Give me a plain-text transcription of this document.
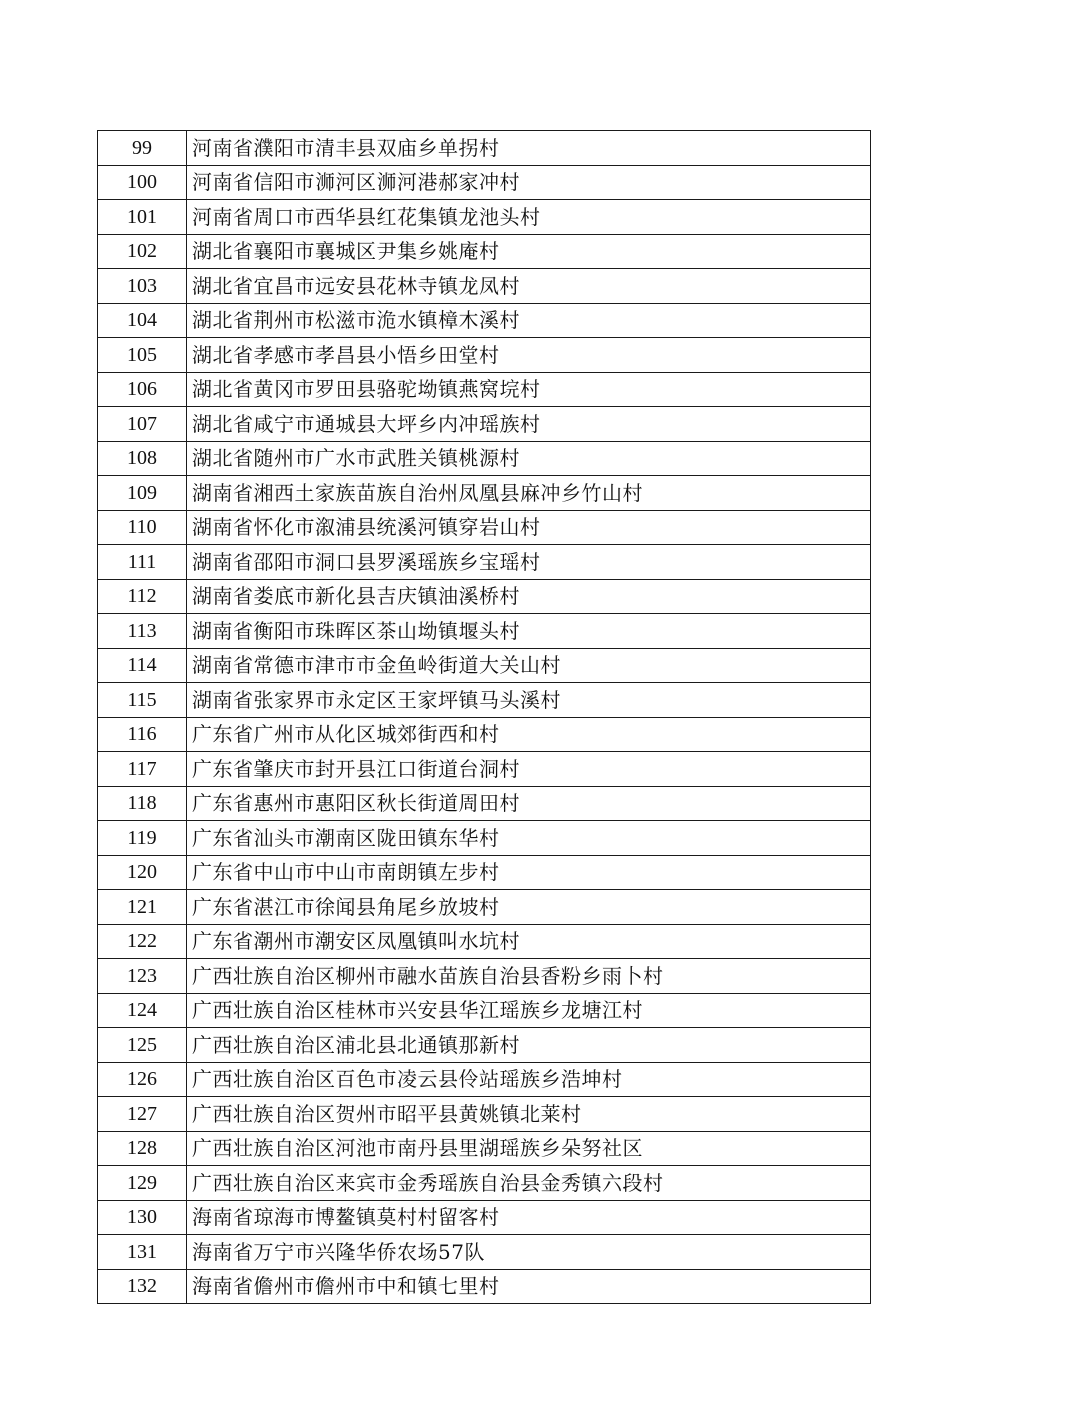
99	河南省濮阳市清丰县双庙乡单拐村
100	河南省信阳市浉河区浉河港郝家冲村
101	河南省周口市西华县红花集镇龙池头村
102	湖北省襄阳市襄城区尹集乡姚庵村
103	湖北省宜昌市远安县花林寺镇龙凤村
104	湖北省荆州市松滋市洈水镇樟木溪村
105	湖北省孝感市孝昌县小悟乡田堂村
106	湖北省黄冈市罗田县骆驼坳镇燕窝垸村
107	湖北省咸宁市通城县大坪乡内冲瑶族村
108	湖北省随州市广水市武胜关镇桃源村
109	湖南省湘西土家族苗族自治州凤凰县麻冲乡竹山村
110	湖南省怀化市溆浦县统溪河镇穿岩山村
111	湖南省邵阳市洞口县罗溪瑶族乡宝瑶村
112	湖南省娄底市新化县吉庆镇油溪桥村
113	湖南省衡阳市珠晖区茶山坳镇堰头村
114	湖南省常德市津市市金鱼岭街道大关山村
115	湖南省张家界市永定区王家坪镇马头溪村
116	广东省广州市从化区城郊街西和村
117	广东省肇庆市封开县江口街道台洞村
118	广东省惠州市惠阳区秋长街道周田村
119	广东省汕头市潮南区陇田镇东华村
120	广东省中山市中山市南朗镇左步村
121	广东省湛江市徐闻县角尾乡放坡村
122	广东省潮州市潮安区凤凰镇叫水坑村
123	广西壮族自治区柳州市融水苗族自治县香粉乡雨卜村
124	广西壮族自治区桂林市兴安县华江瑶族乡龙塘江村
125	广西壮族自治区浦北县北通镇那新村
126	广西壮族自治区百色市凌云县伶站瑶族乡浩坤村
127	广西壮族自治区贺州市昭平县黄姚镇北莱村
128	广西壮族自治区河池市南丹县里湖瑶族乡朵努社区
129	广西壮族自治区来宾市金秀瑶族自治县金秀镇六段村
130	海南省琼海市博鳌镇莫村村留客村
131	海南省万宁市兴隆华侨农场57队
132	海南省儋州市儋州市中和镇七里村
